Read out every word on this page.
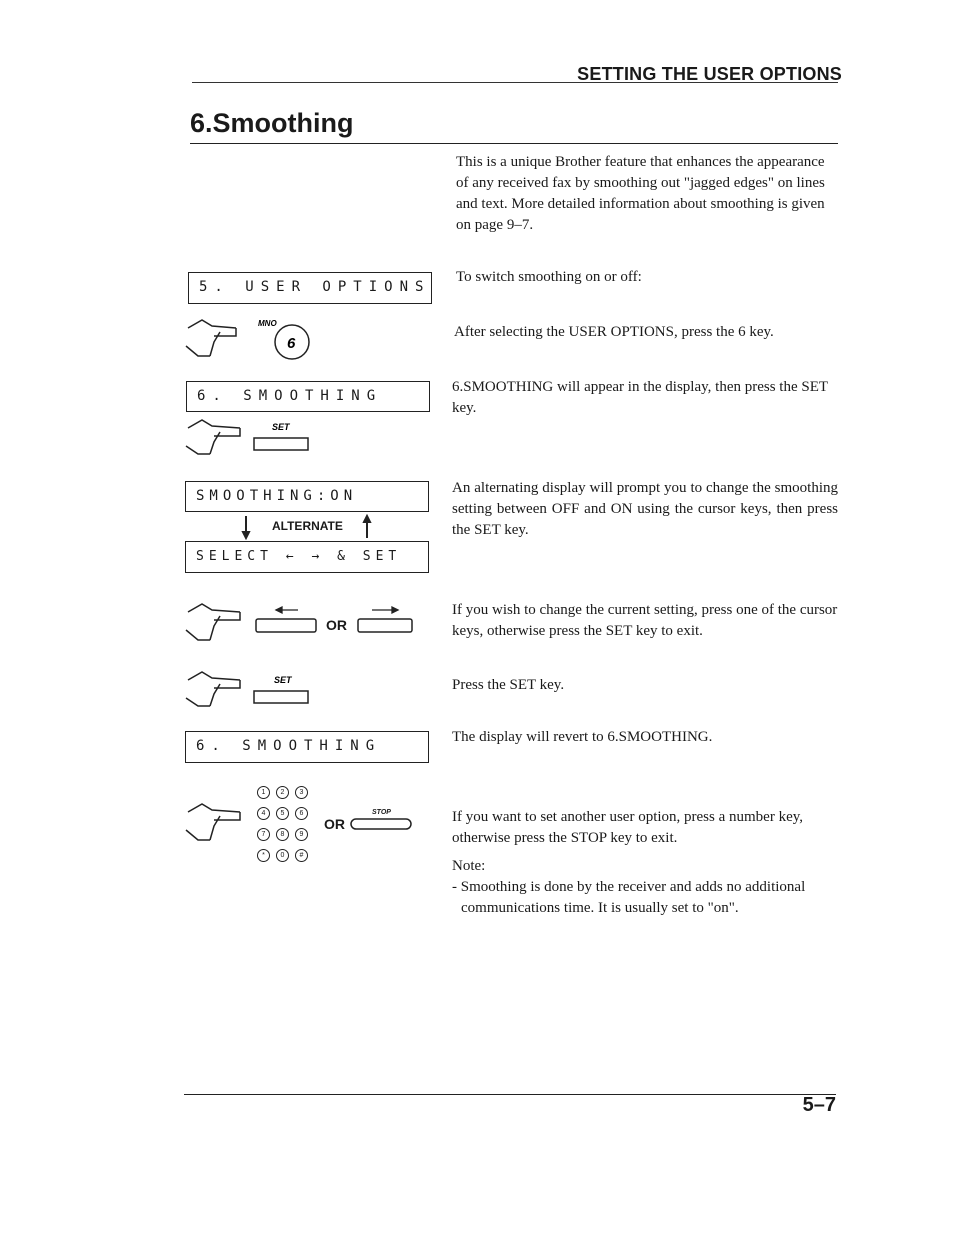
SETTING THE USER OPTIONS
6.Smoothing
This is a unique Brother feature that enhances the appearance of any received fax by smoothing out "jagged edges" on lines and text. More detailed information about smoothing is given on page 9–7.
5. USER OPTIONS
To switch smoothing on or off:
MNO
6
After selecting the USER OPTIONS, press the 6 key.
6. SMOOTHING
SET
6.SMOOTHING will appear in the display, then press the SET key.
SMOOTHING:ON
ALTERNATE
SELECT ← → & SET
An alternating display will prompt you to change the smoothing setting between OFF and ON using the cursor keys, then press the SET key.
OR
If you wish to change the current setting, press one of the cursor keys, otherwise press the SET key to exit.
SET	Press the SET key.
6. SMOOTHING
The display will revert to 6.SMOOTHING.
1	2	3
4	5	6
7	8	9
*	0	#
OR
STOP	If you want to set another user option, press a number key, otherwise press the STOP key to exit.
Note:
- Smoothing is done by the receiver and adds no additional communications time. It is usually set to "on".
5–7
